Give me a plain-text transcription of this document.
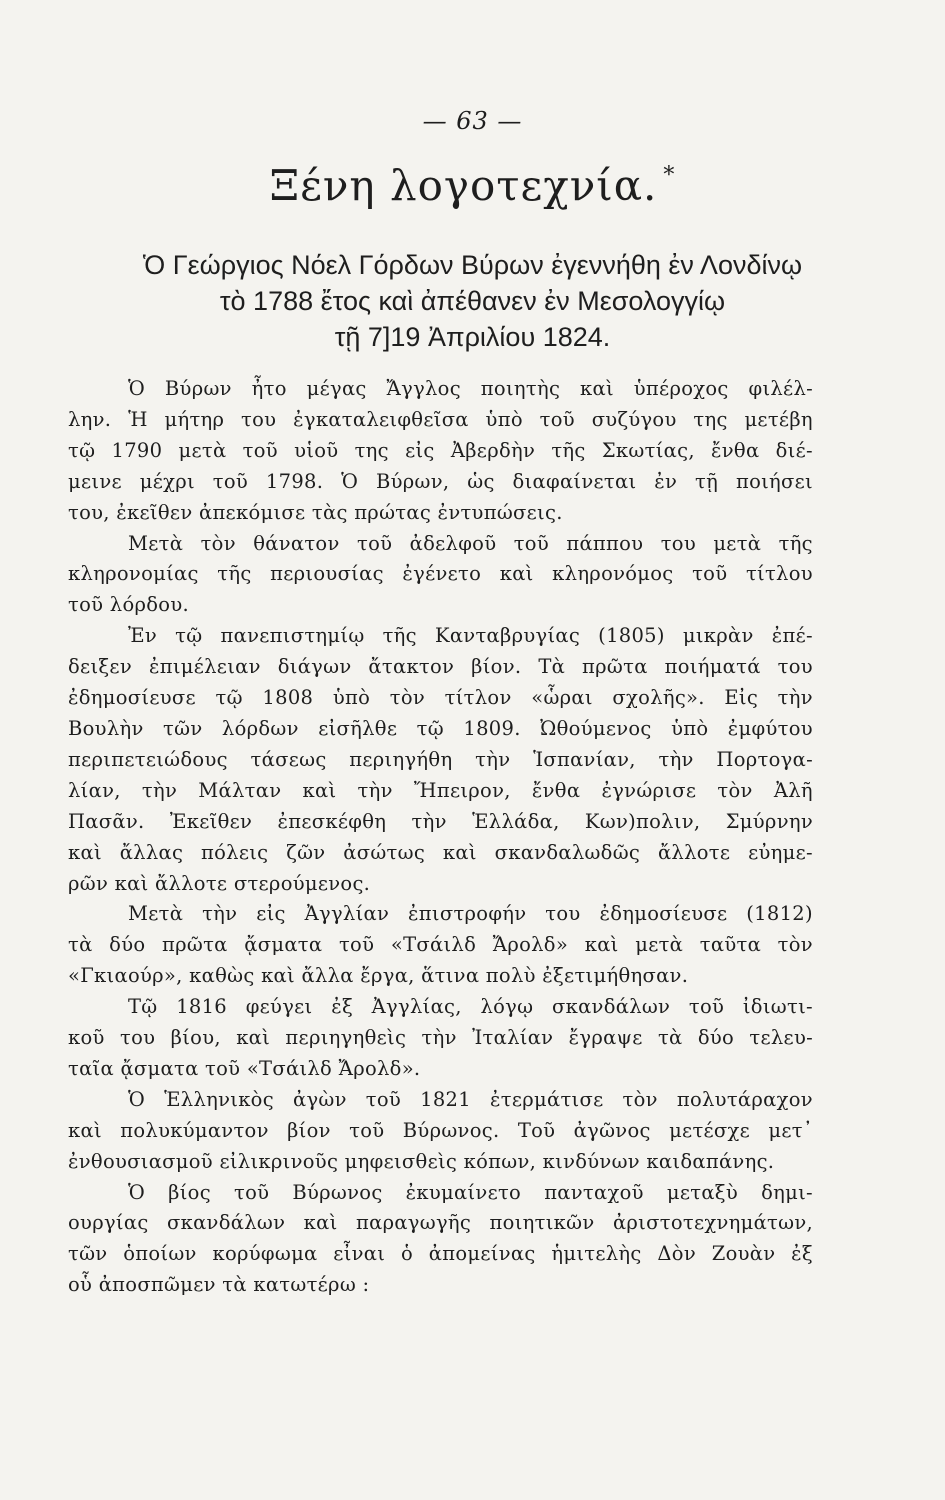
— 63 —
Ξένη λογοτεχνία. *
Ὁ Γεώργιος Νόελ Γόρδων Βύρων ἐγεννήθη ἐν Λονδίνῳ
τὸ 1788 ἔτος καὶ ἀπέθανεν ἐν Μεσολογγίῳ
τῇ 7]19 Ἀπριλίου 1824.
Ὁ Βύρων ἦτο μέγας Ἄγγλος ποιητὴς καὶ ὑπέροχος φιλέλ-
λην. Ἡ μήτηρ του ἐγκαταλειφθεῖσα ὑπὸ τοῦ συζύγου της μετέβη
τῷ 1790 μετὰ τοῦ υἱοῦ της εἰς Ἀβερδὴν τῆς Σκωτίας, ἔνθα διέ-
μεινε μέχρι τοῦ 1798. Ὁ Βύρων, ὡς διαφαίνεται ἐν τῇ ποιήσει
του, ἐκεῖθεν ἀπεκόμισε τὰς πρώτας ἐντυπώσεις.
Μετὰ τὸν θάνατον τοῦ ἀδελφοῦ τοῦ πάππου του μετὰ τῆς
κληρονομίας τῆς περιουσίας ἐγένετο καὶ κληρονόμος τοῦ τίτλου
τοῦ λόρδου.
Ἐν τῷ πανεπιστημίῳ τῆς Κανταβρυγίας (1805) μικρὰν ἐπέ-
δειξεν ἐπιμέλειαν διάγων ἄτακτον βίον. Τὰ πρῶτα ποιήματά του
ἐδημοσίευσε τῷ 1808 ὑπὸ τὸν τίτλον «ὧραι σχολῆς». Εἰς τὴν
Βουλὴν τῶν λόρδων εἰσῆλθε τῷ 1809. Ὠθούμενος ὑπὸ ἐμφύτου
περιπετειώδους τάσεως περιηγήθη τὴν Ἱσπανίαν, τὴν Πορτογα-
λίαν, τὴν Μάλταν καὶ τὴν Ἤπειρον, ἔνθα ἐγνώρισε τὸν Ἀλῆ
Πασᾶν. Ἐκεῖθεν ἐπεσκέφθη τὴν Ἑλλάδα, Κων)πολιν, Σμύρνην
καὶ ἄλλας πόλεις ζῶν ἀσώτως καὶ σκανδαλωδῶς ἄλλοτε εὐημε-
ρῶν καὶ ἄλλοτε στερούμενος.
Μετὰ τὴν εἰς Ἀγγλίαν ἐπιστροφήν του ἐδημοσίευσε (1812)
τὰ δύο πρῶτα ᾄσματα τοῦ «Τσάιλδ Ἄρολδ» καὶ μετὰ ταῦτα τὸν
«Γκιαούρ», καθὼς καὶ ἄλλα ἔργα, ἅτινα πολὺ ἐξετιμήθησαν.
Τῷ 1816 φεύγει ἐξ Ἀγγλίας, λόγῳ σκανδάλων τοῦ ἰδιωτι-
κοῦ του βίου, καὶ περιηγηθεὶς τὴν Ἰταλίαν ἔγραψε τὰ δύο τελευ-
ταῖα ᾄσματα τοῦ «Τσάιλδ Ἄρολδ».
Ὁ Ἑλληνικὸς ἀγὼν τοῦ 1821 ἐτερμάτισε τὸν πολυτάραχον
καὶ πολυκύμαντον βίον τοῦ Βύρωνος. Τοῦ ἀγῶνος μετέσχε μετ᾽
ἐνθουσιασμοῦ εἰλικρινοῦς μηφεισθεὶς κόπων, κινδύνων καιδαπάνης.
Ὁ βίος τοῦ Βύρωνος ἐκυμαίνετο πανταχοῦ μεταξὺ δημι-
ουργίας σκανδάλων καὶ παραγωγῆς ποιητικῶν ἀριστοτεχνημάτων,
τῶν ὁποίων κορύφωμα εἶναι ὁ ἀπομείνας ἡμιτελὴς Δὸν Ζουὰν ἐξ
οὗ ἀποσπῶμεν τὰ κατωτέρω :
